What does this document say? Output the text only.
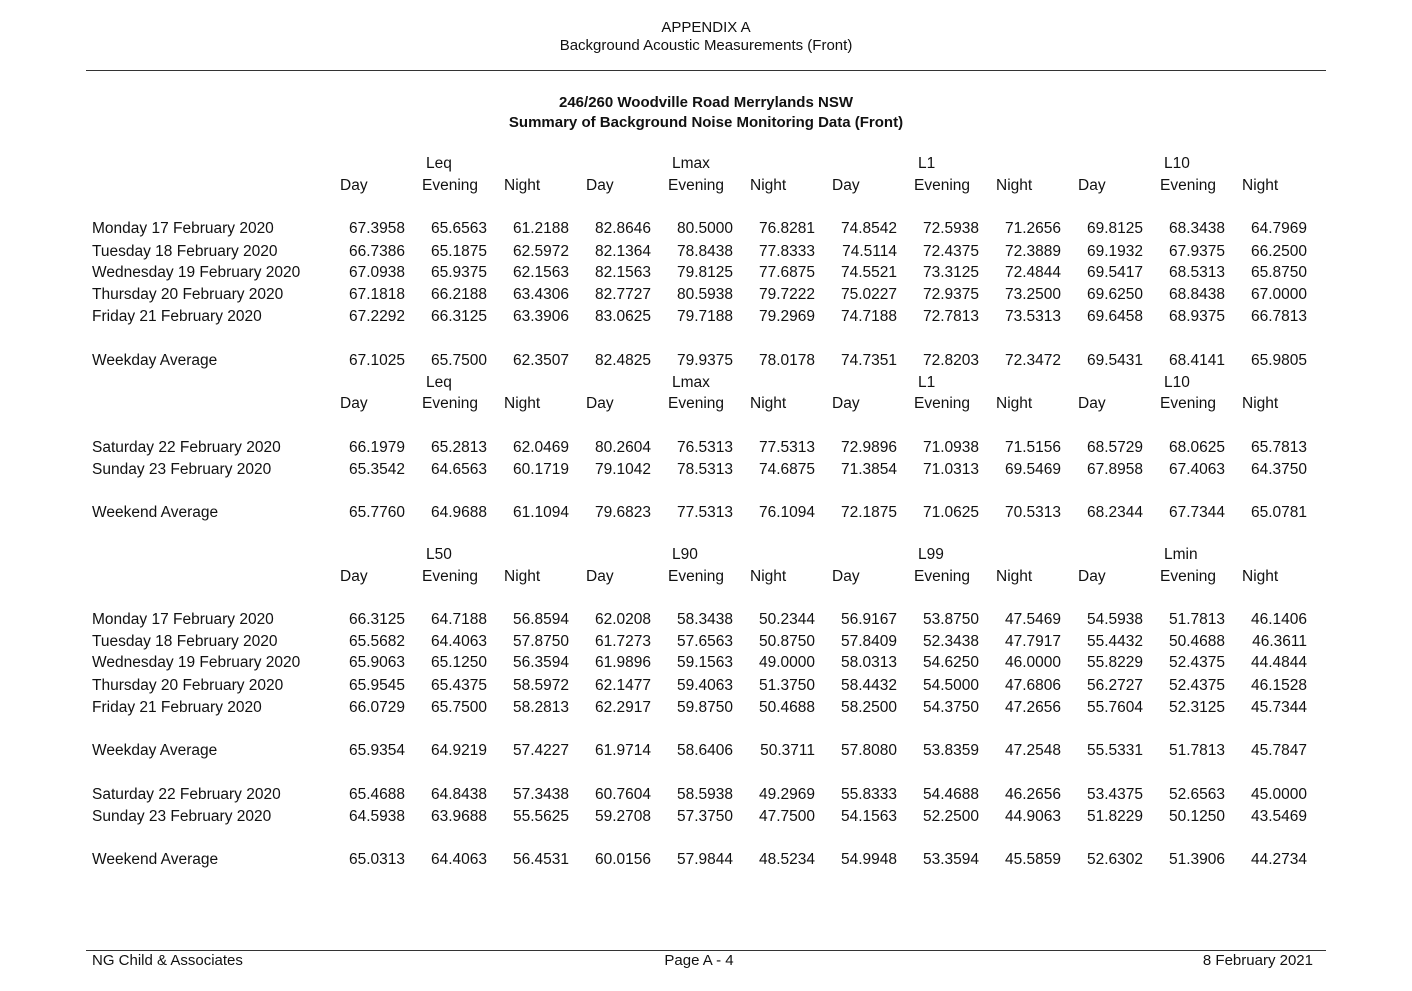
APPENDIX A
Background Acoustic Measurements (Front)
246/260 Woodville Road Merrylands NSW
Summary of Background Noise Monitoring Data (Front)
Leq	Lmax	L1	L10
Day	Evening Night	Day	Evening Night	Day	Evening Night	Day	Evening Night
Monday 17 February 2020	67.3958	65.6563	61.2188	82.8646	80.5000	76.8281	74.8542	72.5938	71.2656	69.8125	68.3438	64.7969
Tuesday 18 February 2020	66.7386	65.1875	62.5972	82.1364	78.8438	77.8333	74.5114	72.4375	72.3889	69.1932	67.9375	66.2500
Wednesday 19 February 2020	67.0938	65.9375	62.1563	82.1563	79.8125	77.6875	74.5521	73.3125	72.4844	69.5417	68.5313	65.8750
Thursday 20 February 2020	67.1818	66.2188	63.4306	82.7727	80.5938	79.7222	75.0227	72.9375	73.2500	69.6250	68.8438	67.0000
Friday 21 February 2020	67.2292	66.3125	63.3906	83.0625	79.7188	79.2969	74.7188	72.7813	73.5313	69.6458	68.9375	66.7813
Weekday Average	67.1025	65.7500	62.3507	82.4825	79.9375	78.0178	74.7351	72.8203	72.3472	69.5431	68.4141	65.9805
Leq	Lmax	L1	L10
Day	Evening Night	Day	Evening Night	Day	Evening Night	Day	Evening Night
Saturday 22 February 2020	66.1979	65.2813	62.0469	80.2604	76.5313	77.5313	72.9896	71.0938	71.5156	68.5729	68.0625	65.7813
Sunday 23 February 2020	65.3542	64.6563	60.1719	79.1042	78.5313	74.6875	71.3854	71.0313	69.5469	67.8958	67.4063	64.3750
Weekend Average	65.7760	64.9688	61.1094	79.6823	77.5313	76.1094	72.1875	71.0625	70.5313	68.2344	67.7344	65.0781
L50	L90	L99	Lmin
Day	Evening Night	Day	Evening Night	Day	Evening Night	Day	Evening Night
Monday 17 February 2020	66.3125	64.7188	56.8594	62.0208	58.3438	50.2344	56.9167	53.8750	47.5469	54.5938	51.7813	46.1406
Tuesday 18 February 2020	65.5682	64.4063	57.8750	61.7273	57.6563	50.8750	57.8409	52.3438	47.7917	55.4432	50.4688	46.3611
Wednesday 19 February 2020	65.9063	65.1250	56.3594	61.9896	59.1563	49.0000	58.0313	54.6250	46.0000	55.8229	52.4375	44.4844
Thursday 20 February 2020	65.9545	65.4375	58.5972	62.1477	59.4063	51.3750	58.4432	54.5000	47.6806	56.2727	52.4375	46.1528
Friday 21 February 2020	66.0729	65.7500	58.2813	62.2917	59.8750	50.4688	58.2500	54.3750	47.2656	55.7604	52.3125	45.7344
Weekday Average	65.9354	64.9219	57.4227	61.9714	58.6406	50.3711	57.8080	53.8359	47.2548	55.5331	51.7813	45.7847
Saturday 22 February 2020	65.4688	64.8438	57.3438	60.7604	58.5938	49.2969	55.8333	54.4688	46.2656	53.4375	52.6563	45.0000
Sunday 23 February 2020	64.5938	63.9688	55.5625	59.2708	57.3750	47.7500	54.1563	52.2500	44.9063	51.8229	50.1250	43.5469
Weekend Average	65.0313	64.4063	56.4531	60.0156	57.9844	48.5234	54.9948	53.3594	45.5859	52.6302	51.3906	44.2734
NG Child & Associates	Page A - 4	8 February 2021
